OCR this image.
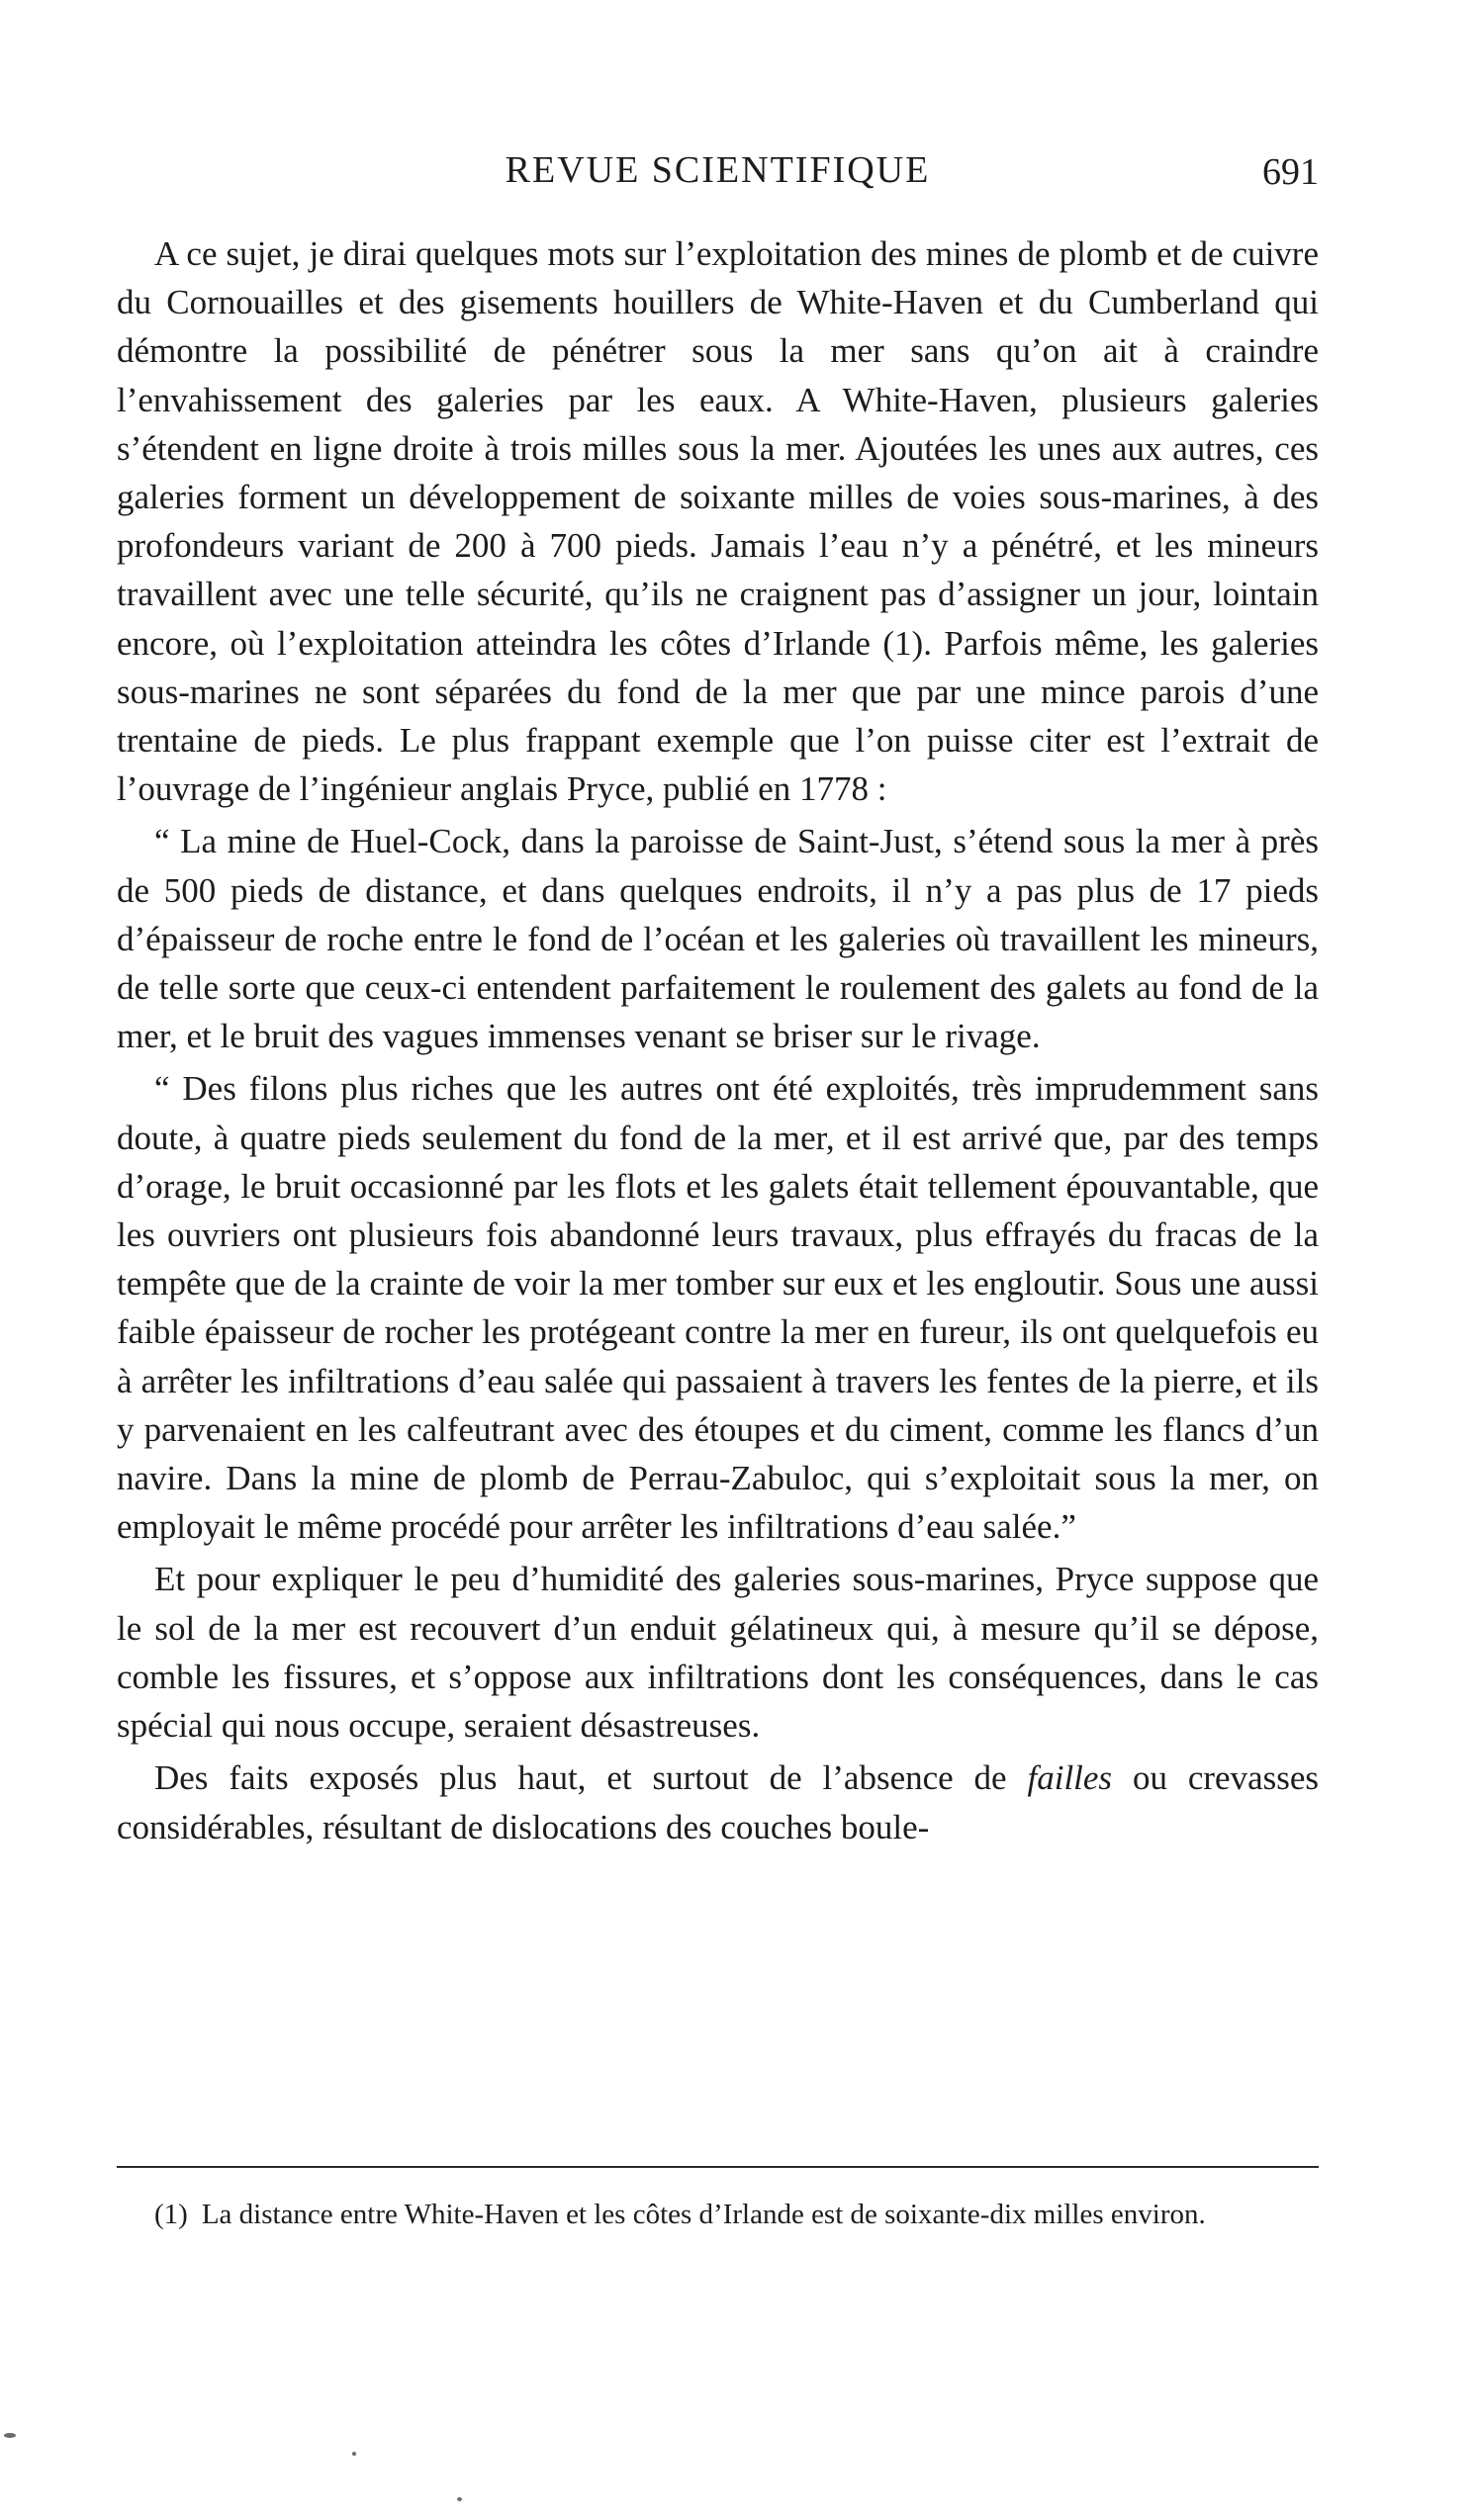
REVUE SCIENTIFIQUE	691

A ce sujet, je dirai quelques mots sur l’exploitation des mines de plomb et de cuivre du Cornouailles et des gisements houillers de White-Haven et du Cumberland qui démontre la possibilité de pénétrer sous la mer sans qu’on ait à craindre l’envahissement des galeries par les eaux. A White-Haven, plusieurs galeries s’étendent en ligne droite à trois milles sous la mer. Ajoutées les unes aux autres, ces galeries forment un développement de soixante milles de voies sous-marines, à des profondeurs variant de 200 à 700 pieds. Jamais l’eau n’y a pénétré, et les mineurs travaillent avec une telle sécurité, qu’ils ne craignent pas d’assigner un jour, lointain encore, où l’exploitation atteindra les côtes d’Irlande (1). Parfois même, les galeries sous-marines ne sont séparées du fond de la mer que par une mince parois d’une trentaine de pieds. Le plus frappant exemple que l’on puisse citer est l’extrait de l’ouvrage de l’ingénieur anglais Pryce, publié en 1778 :

“ La mine de Huel-Cock, dans la paroisse de Saint-Just, s’étend sous la mer à près de 500 pieds de distance, et dans quelques endroits, il n’y a pas plus de 17 pieds d’épaisseur de roche entre le fond de l’océan et les galeries où travaillent les mineurs, de telle sorte que ceux-ci entendent parfaitement le roulement des galets au fond de la mer, et le bruit des vagues immenses venant se briser sur le rivage.

“ Des filons plus riches que les autres ont été exploités, très imprudemment sans doute, à quatre pieds seulement du fond de la mer, et il est arrivé que, par des temps d’orage, le bruit occasionné par les flots et les galets était tellement épouvantable, que les ouvriers ont plusieurs fois abandonné leurs travaux, plus effrayés du fracas de la tempête que de la crainte de voir la mer tomber sur eux et les engloutir. Sous une aussi faible épaisseur de rocher les protégeant contre la mer en fureur, ils ont quelquefois eu à arrêter les infiltrations d’eau salée qui passaient à travers les fentes de la pierre, et ils y parvenaient en les calfeutrant avec des étoupes et du ciment, comme les flancs d’un navire. Dans la mine de plomb de Perrau-Zabuloc, qui s’exploitait sous la mer, on employait le même procédé pour arrêter les infiltrations d’eau salée.”

Et pour expliquer le peu d’humidité des galeries sous-marines, Pryce suppose que le sol de la mer est recouvert d’un enduit gélatineux qui, à mesure qu’il se dépose, comble les fissures, et s’oppose aux infiltrations dont les conséquences, dans le cas spécial qui nous occupe, seraient désastreuses.

Des faits exposés plus haut, et surtout de l’absence de failles ou crevasses considérables, résultant de dislocations des couches boule-

(1) La distance entre White-Haven et les côtes d’Irlande est de soixante-dix milles environ.
